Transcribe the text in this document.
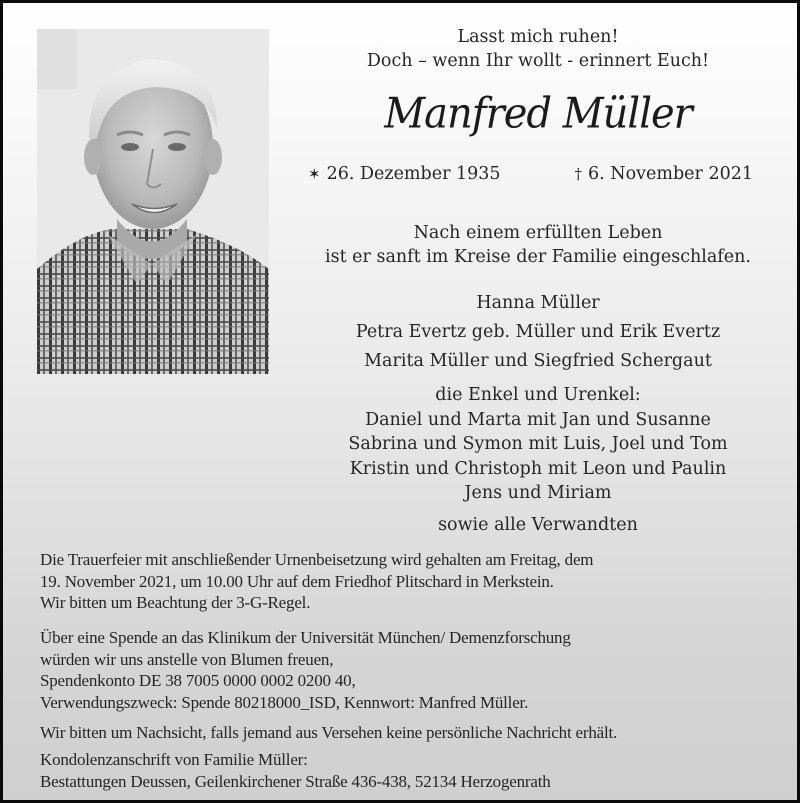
Lasst mich ruhen!
Doch – wenn Ihr wollt - erinnert Euch!
Manfred Müller
✶ 26. Dezember 1935	† 6. November 2021
Nach einem erfüllten Leben
ist er sanft im Kreise der Familie eingeschlafen.
Hanna Müller
Petra Evertz geb. Müller und Erik Evertz
Marita Müller und Siegfried Schergaut
die Enkel und Urenkel:
Daniel und Marta mit Jan und Susanne
Sabrina und Symon mit Luis, Joel und Tom
Kristin und Christoph mit Leon und Paulin
Jens und Miriam
sowie alle Verwandten
Die Trauerfeier mit anschließender Urnenbeisetzung wird gehalten am Freitag, dem
19. November 2021, um 10.00 Uhr auf dem Friedhof Plitschard in Merkstein.
Wir bitten um Beachtung der 3-G-Regel.
Über eine Spende an das Klinikum der Universität München/ Demenzforschung
würden wir uns anstelle von Blumen freuen,
Spendenkonto DE 38 7005 0000 0002 0200 40,
Verwendungszweck: Spende 80218000_ISD, Kennwort: Manfred Müller.
Wir bitten um Nachsicht, falls jemand aus Versehen keine persönliche Nachricht erhält.
Kondolenzanschrift von Familie Müller:
Bestattungen Deussen, Geilenkirchener Straße 436-438, 52134 Herzogenrath
